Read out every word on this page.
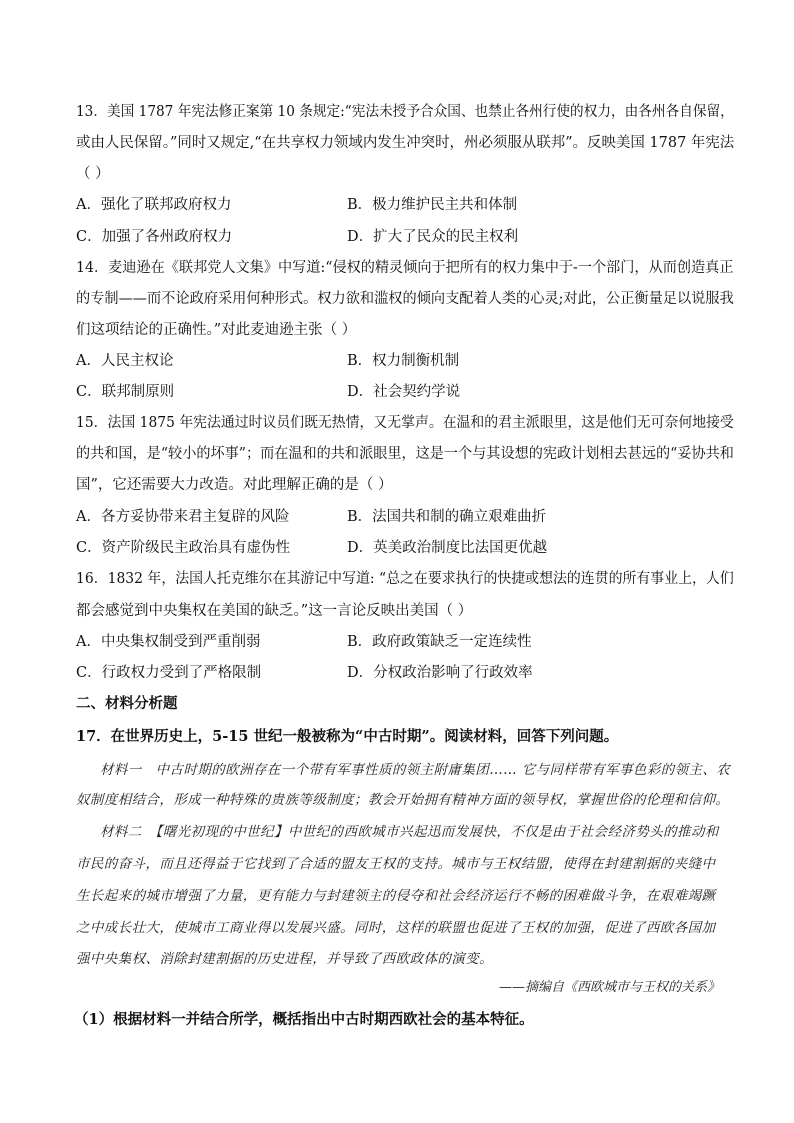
13．美国 1787 年宪法修正案第 10 条规定:“宪法未授予合众国、也禁止各州行使的权力，由各州各自保留，
或由人民保留。”同时又规定,“在共享权力领域内发生冲突时，州必须服从联邦”。反映美国 1787 年宪法
（ ）
A．强化了联邦政府权力	B．极力维护民主共和体制
C．加强了各州政府权力	D．扩大了民众的民主权利
14．麦迪逊在《联邦党人文集》中写道:“侵权的精灵倾向于把所有的权力集中于-一个部门，从而创造真正
的专制——而不论政府采用何种形式。权力欲和滥权的倾向支配着人类的心灵;对此，公正衡量足以说服我
们这项结论的正确性。”对此麦迪逊主张（ ）
A．人民主权论	B．权力制衡机制
C．联邦制原则	D．社会契约学说
15．法国 1875 年宪法通过时议员们既无热情，又无掌声。在温和的君主派眼里，这是他们无可奈何地接受
的共和国，是“较小的坏事”；而在温和的共和派眼里，这是一个与其设想的宪政计划相去甚远的“妥协共和
国”，它还需要大力改造。对此理解正确的是（ ）
A．各方妥协带来君主复辟的风险	B．法国共和制的确立艰难曲折
C．资产阶级民主政治具有虚伪性	D．英美政治制度比法国更优越
16．1832 年，法国人托克维尔在其游记中写道: “总之在要求执行的快捷或想法的连贯的所有事业上，人们
都会感觉到中央集权在美国的缺乏。”这一言论反映出美国（ ）
A．中央集权制受到严重削弱	B．政府政策缺乏一定连续性
C．行政权力受到了严格限制	D．分权政治影响了行政效率
二、材料分析题
17．在世界历史上，5-15 世纪一般被称为“中古时期”。阅读材料，回答下列问题。
材料一　中古时期的欧洲存在一个带有军事性质的领主附庸集团…… 它与同样带有军事色彩的领主、农
奴制度相结合，形成一种特殊的贵族等级制度；教会开始拥有精神方面的领导权，掌握世俗的伦理和信仰。
材料二　【曙光初现的中世纪】中世纪的西欧城市兴起迅而发展快，不仅是由于社会经济势头的推动和
市民的奋斗，而且还得益于它找到了合适的盟友王权的支持。城市与王权结盟，使得在封建割据的夹缝中
生长起来的城市增强了力量，更有能力与封建领主的侵夺和社会经济运行不畅的困难做斗争，在艰难竭蹶
之中成长壮大，使城市工商业得以发展兴盛。同时，这样的联盟也促进了王权的加强，促进了西欧各国加
强中央集权、消除封建割据的历史进程，并导致了西欧政体的演变。
——摘编自《西欧城市与王权的关系》
（1）根据材料一并结合所学，概括指出中古时期西欧社会的基本特征。
